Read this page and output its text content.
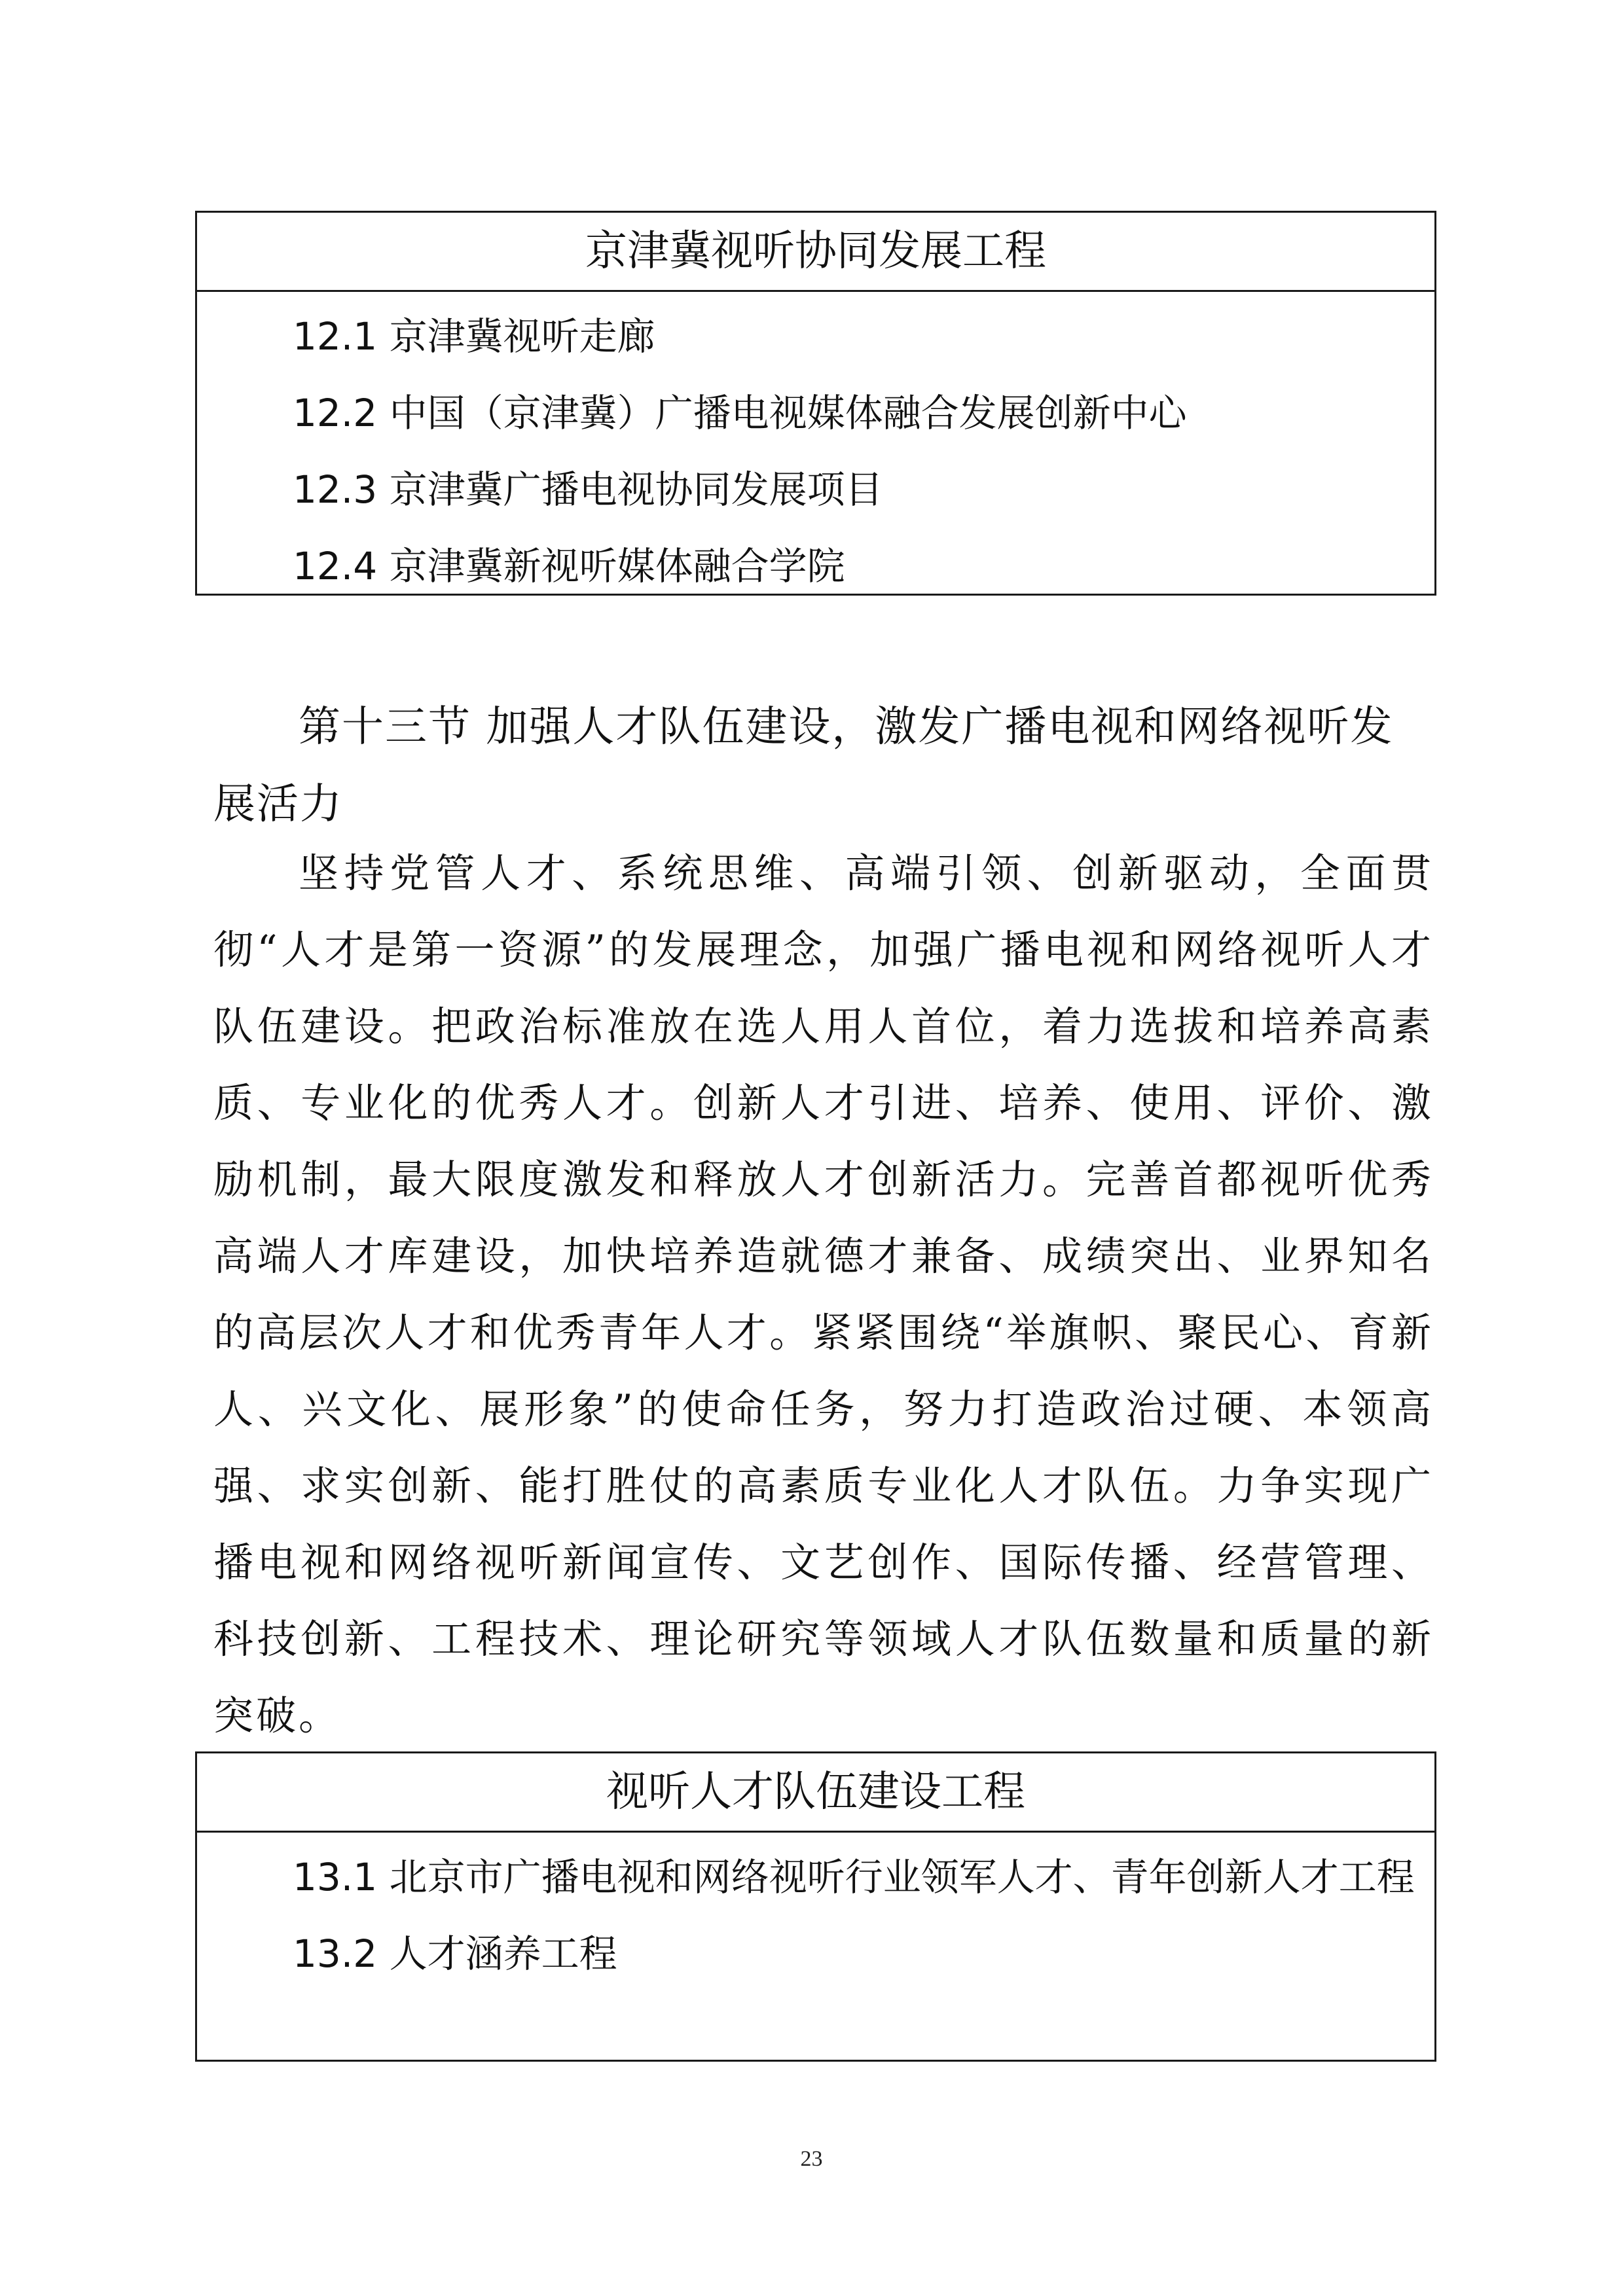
京津冀视听协同发展工程
12.1 京津冀视听走廊
12.2 中国（京津冀）广播电视媒体融合发展创新中心
12.3 京津冀广播电视协同发展项目
12.4 京津冀新视听媒体融合学院
第十三节 加强人才队伍建设，激发广播电视和网络视听发展活力
坚持党管人才、系统思维、高端引领、创新驱动，全面贯彻“人才是第一资源”的发展理念，加强广播电视和网络视听人才队伍建设。把政治标准放在选人用人首位，着力选拔和培养高素质、专业化的优秀人才。创新人才引进、培养、使用、评价、激励机制，最大限度激发和释放人才创新活力。完善首都视听优秀高端人才库建设，加快培养造就德才兼备、成绩突出、业界知名的高层次人才和优秀青年人才。紧紧围绕“举旗帜、聚民心、育新人、兴文化、展形象”的使命任务，努力打造政治过硬、本领高强、求实创新、能打胜仗的高素质专业化人才队伍。力争实现广播电视和网络视听新闻宣传、文艺创作、国际传播、经营管理、科技创新、工程技术、理论研究等领域人才队伍数量和质量的新突破。
视听人才队伍建设工程
13.1 北京市广播电视和网络视听行业领军人才、青年创新人才工程
13.2 人才涵养工程
23
